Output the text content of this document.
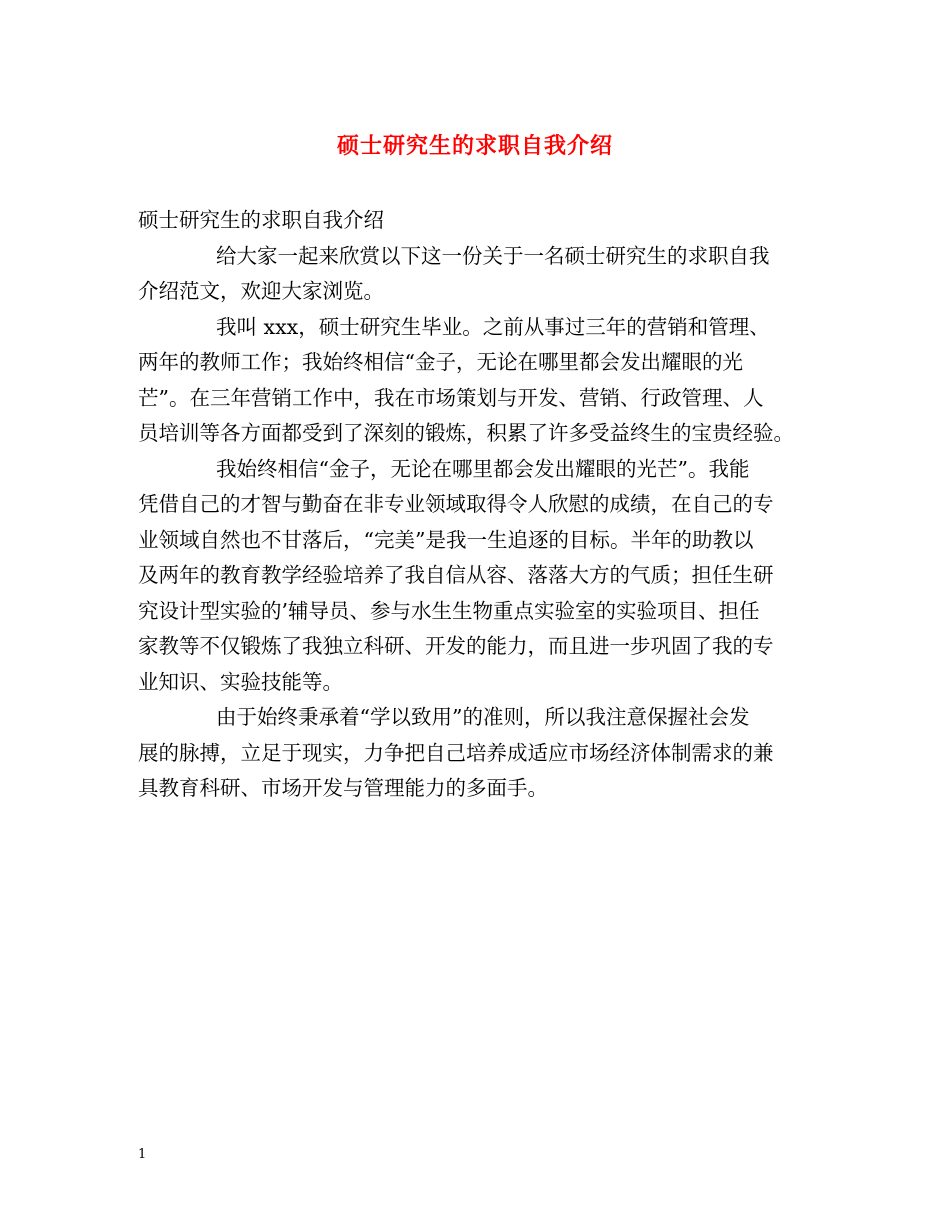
硕士研究生的求职自我介绍
硕士研究生的求职自我介绍
给大家一起来欣赏以下这一份关于一名硕士研究生的求职自我
介绍范文，欢迎大家浏览。
我叫 xxx，硕士研究生毕业。之前从事过三年的营销和管理、
两年的教师工作；我始终相信“金子，无论在哪里都会发出耀眼的光
芒”。在三年营销工作中，我在市场策划与开发、营销、行政管理、人
员培训等各方面都受到了深刻的锻炼，积累了许多受益终生的宝贵经验。
我始终相信“金子，无论在哪里都会发出耀眼的光芒”。我能
凭借自己的才智与勤奋在非专业领域取得令人欣慰的成绩，在自己的专
业领域自然也不甘落后，“完美”是我一生追逐的目标。半年的助教以
及两年的教育教学经验培养了我自信从容、落落大方的气质；担任生研
究设计型实验的’辅导员、参与水生生物重点实验室的实验项目、担任
家教等不仅锻炼了我独立科研、开发的能力，而且进一步巩固了我的专
业知识、实验技能等。
由于始终秉承着“学以致用”的准则，所以我注意保握社会发
展的脉搏，立足于现实，力争把自己培养成适应市场经济体制需求的兼
具教育科研、市场开发与管理能力的多面手。
1
